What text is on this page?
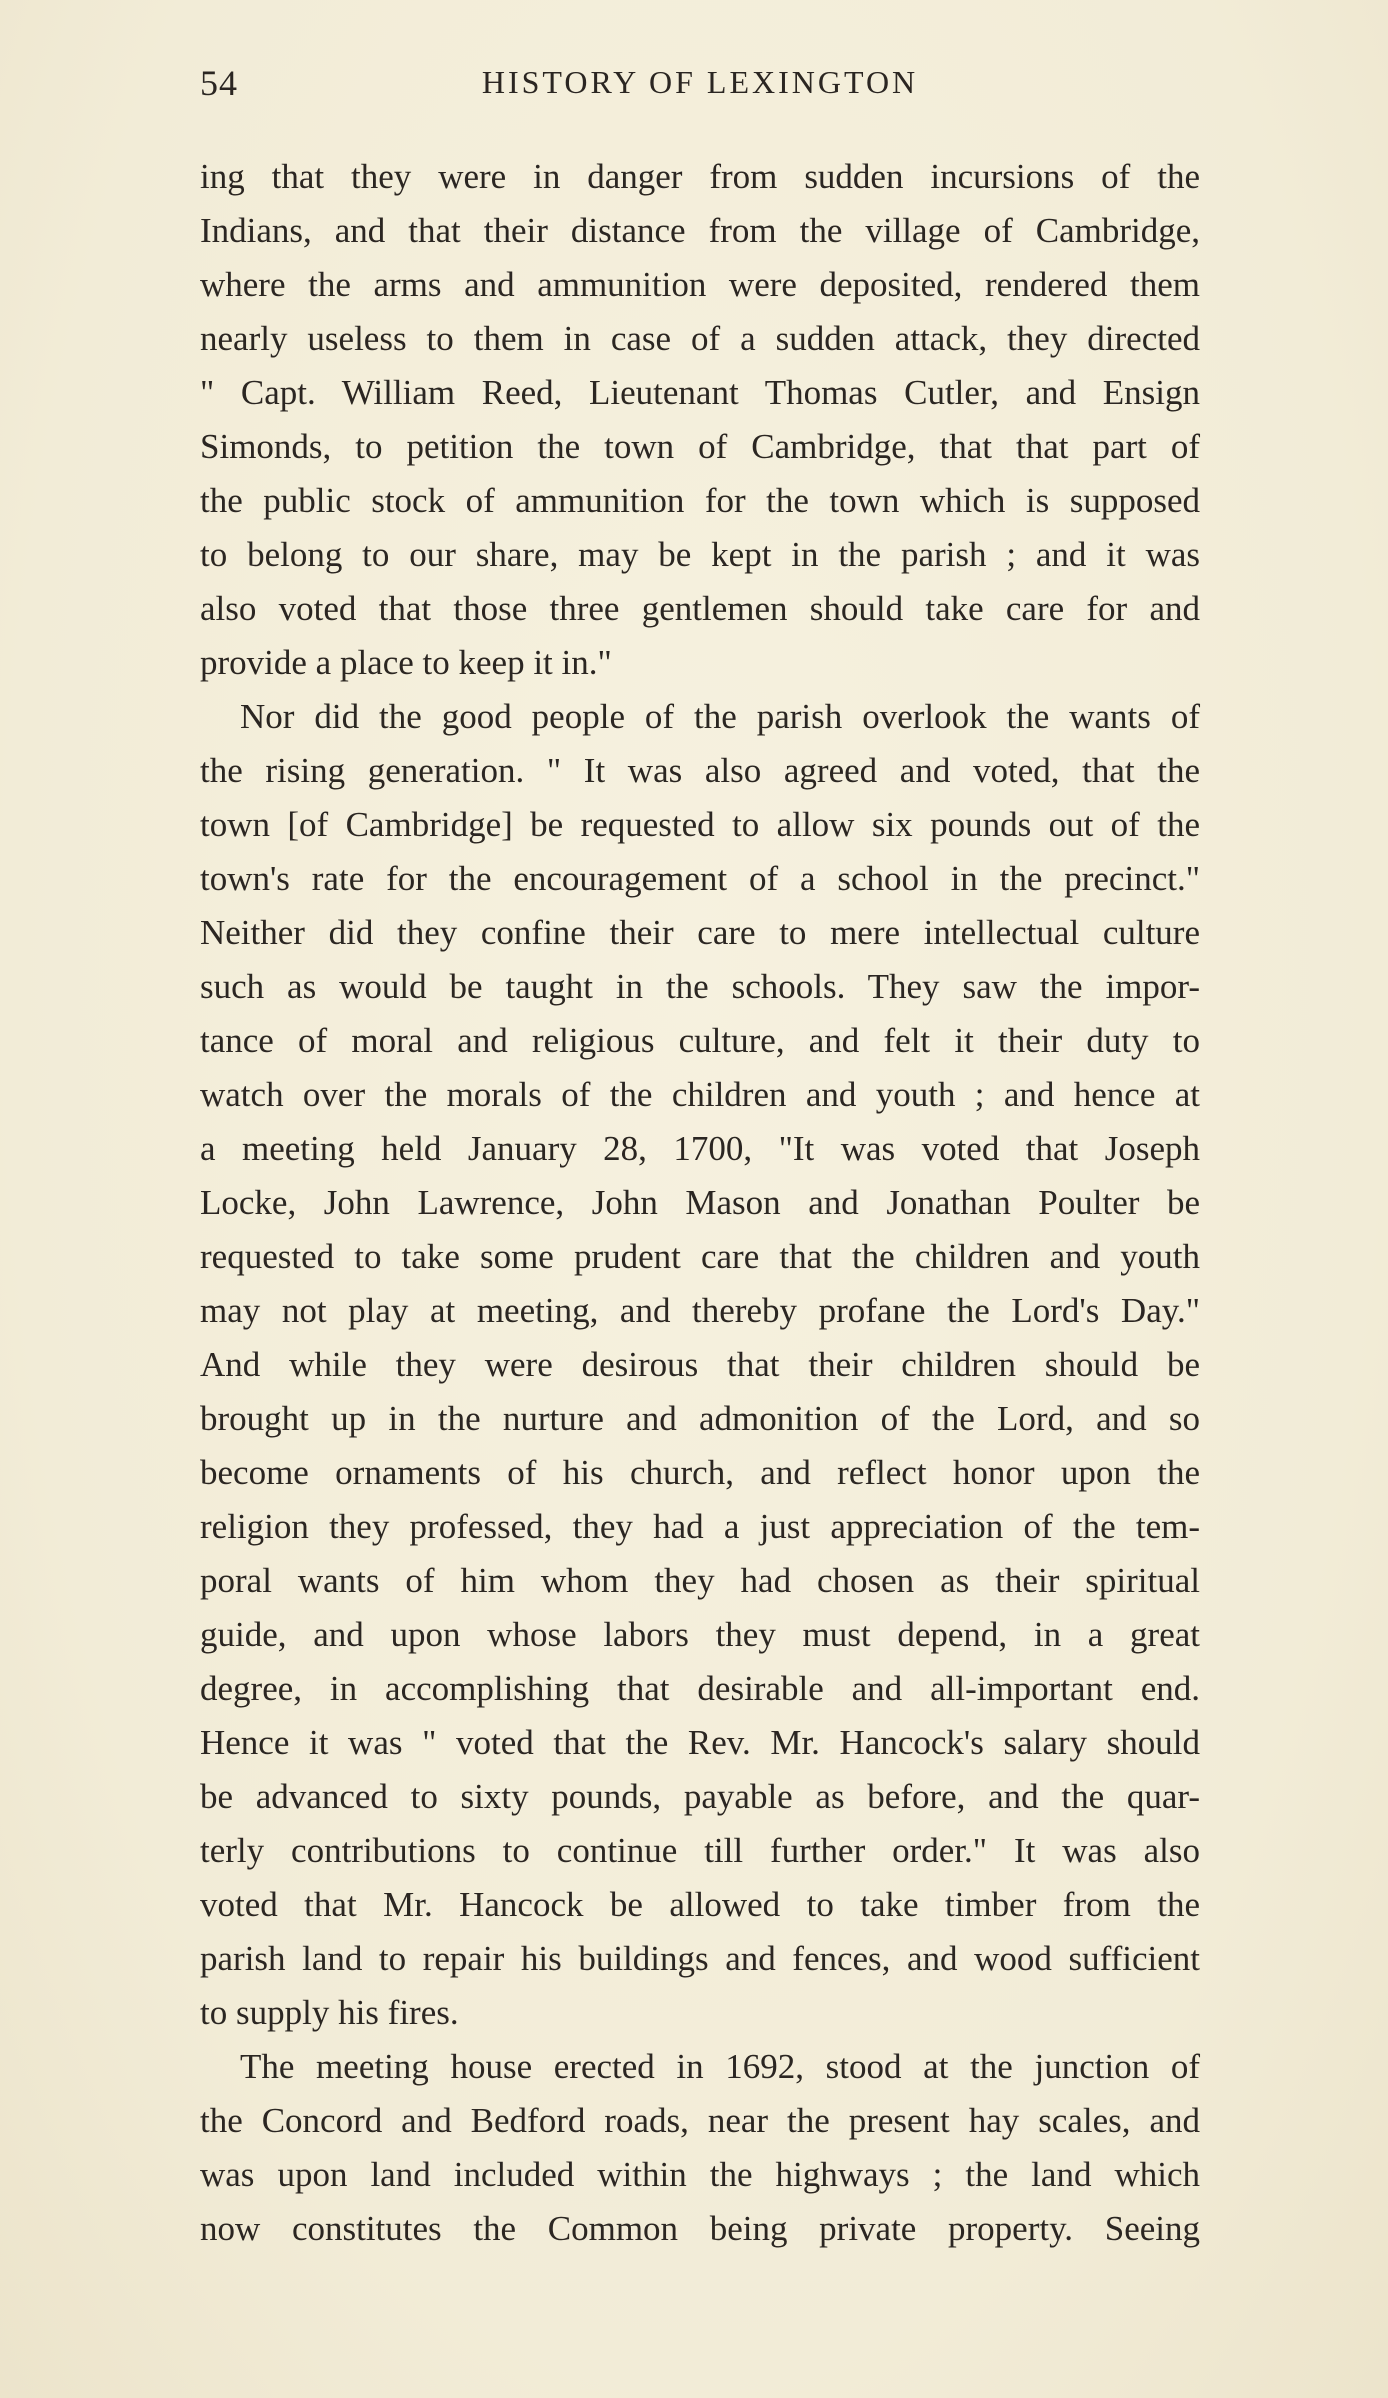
HISTORY OF LEXINGTON
54
ing that they were in danger from sudden incursions of the
Indians, and that their distance from the village of Cambridge,
where the arms and ammunition were deposited, rendered them
nearly useless to them in case of a sudden attack, they directed
" Capt. William Reed, Lieutenant Thomas Cutler, and Ensign
Simonds, to petition the town of Cambridge, that that part of
the public stock of ammunition for the town which is supposed
to belong to our share, may be kept in the parish ; and it was
also voted that those three gentlemen should take care for and
provide a place to keep it in."
Nor did the good people of the parish overlook the wants of
the rising generation. " It was also agreed and voted, that the
town [of Cambridge] be requested to allow six pounds out of the
town's rate for the encouragement of a school in the precinct."
Neither did they confine their care to mere intellectual culture
such as would be taught in the schools. They saw the impor-
tance of moral and religious culture, and felt it their duty to
watch over the morals of the children and youth ; and hence at
a meeting held January 28, 1700, "It was voted that Joseph
Locke, John Lawrence, John Mason and Jonathan Poulter be
requested to take some prudent care that the children and youth
may not play at meeting, and thereby profane the Lord's Day."
And while they were desirous that their children should be
brought up in the nurture and admonition of the Lord, and so
become ornaments of his church, and reflect honor upon the
religion they professed, they had a just appreciation of the tem-
poral wants of him whom they had chosen as their spiritual
guide, and upon whose labors they must depend, in a great
degree, in accomplishing that desirable and all-important end.
Hence it was " voted that the Rev. Mr. Hancock's salary should
be advanced to sixty pounds, payable as before, and the quar-
terly contributions to continue till further order." It was also
voted that Mr. Hancock be allowed to take timber from the
parish land to repair his buildings and fences, and wood sufficient
to supply his fires.
The meeting house erected in 1692, stood at the junction of
the Concord and Bedford roads, near the present hay scales, and
was upon land included within the highways ; the land which
now constitutes the Common being private property. Seeing
